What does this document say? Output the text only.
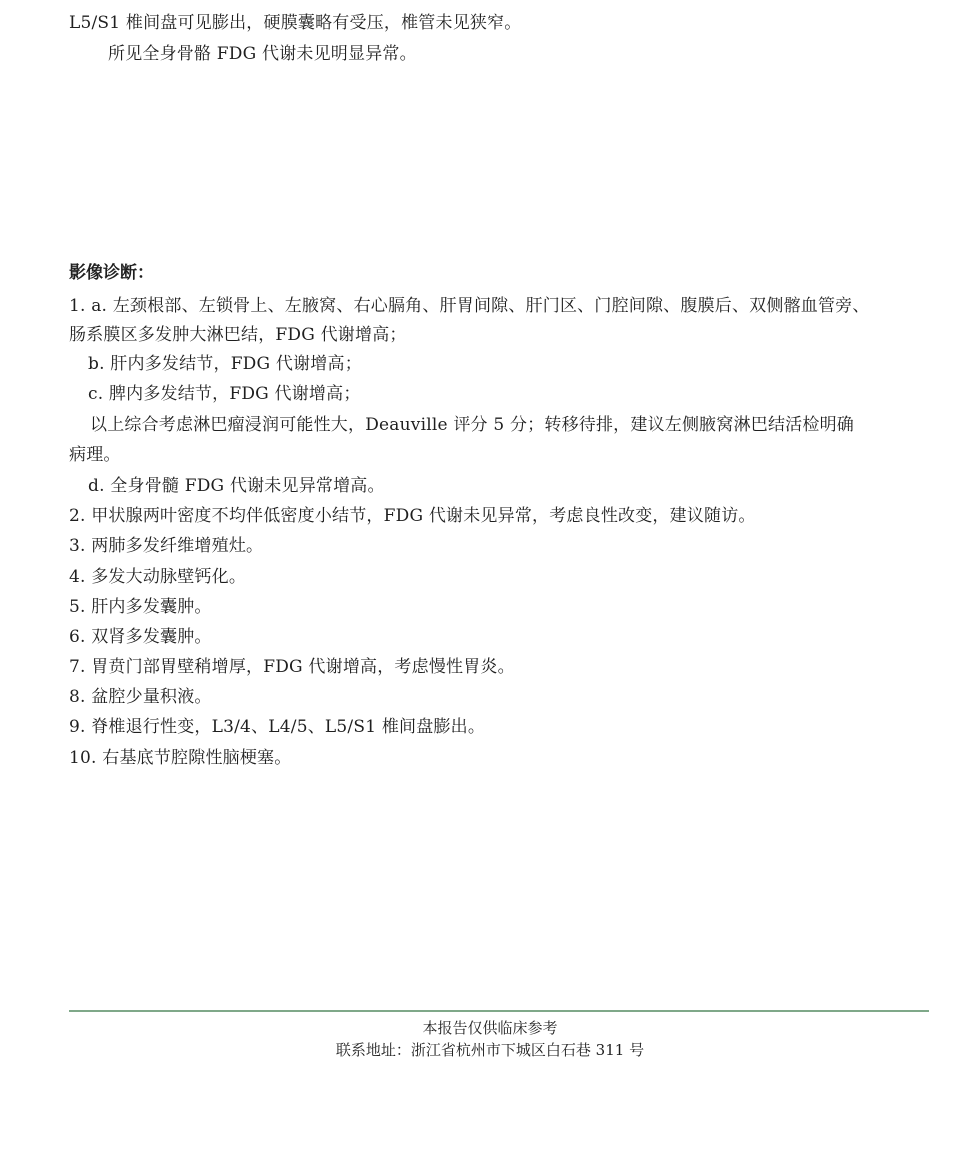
L5/S1 椎间盘可见膨出，硬膜囊略有受压，椎管未见狭窄。
所见全身骨骼 FDG 代谢未见明显异常。
影像诊断：
1. a. 左颈根部、左锁骨上、左腋窝、右心膈角、肝胃间隙、肝门区、门腔间隙、腹膜后、双侧髂血管旁、
肠系膜区多发肿大淋巴结，FDG 代谢增高；
b. 肝内多发结节，FDG 代谢增高；
c. 脾内多发结节，FDG 代谢增高；
以上综合考虑淋巴瘤浸润可能性大，Deauville 评分 5 分；转移待排，建议左侧腋窝淋巴结活检明确
病理。
d. 全身骨髓 FDG 代谢未见异常增高。
2. 甲状腺两叶密度不均伴低密度小结节，FDG 代谢未见异常，考虑良性改变，建议随访。
3. 两肺多发纤维增殖灶。
4. 多发大动脉壁钙化。
5. 肝内多发囊肿。
6. 双肾多发囊肿。
7. 胃贲门部胃壁稍增厚，FDG 代谢增高，考虑慢性胃炎。
8. 盆腔少量积液。
9. 脊椎退行性变，L3/4、L4/5、L5/S1 椎间盘膨出。
10. 右基底节腔隙性脑梗塞。
本报告仅供临床参考
联系地址：浙江省杭州市下城区白石巷 311 号
